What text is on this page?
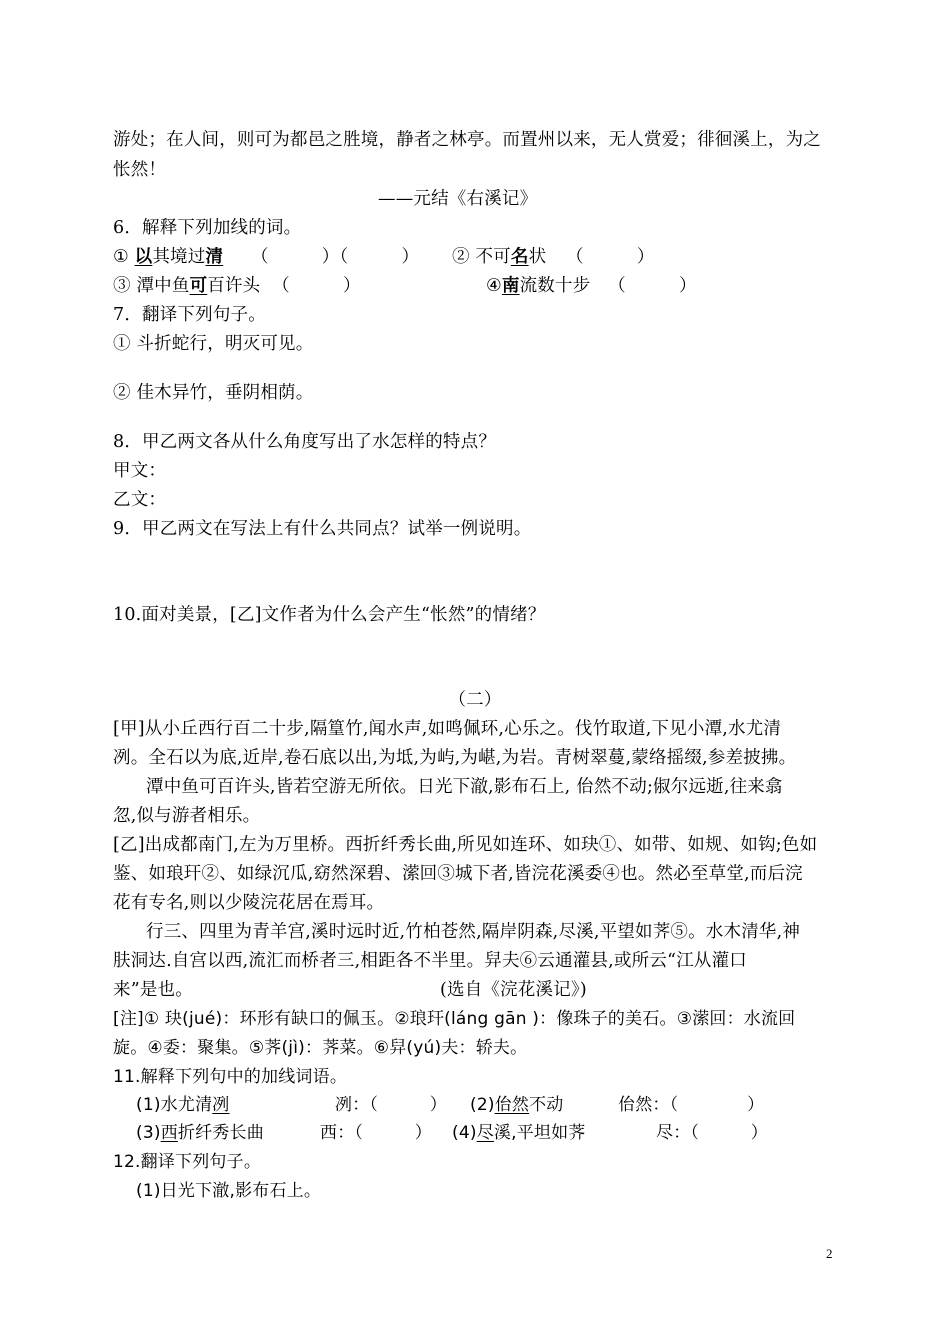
游处；在人间，则可为都邑之胜境，静者之林亭。而置州以来，无人赏爱；徘徊溪上，为之
怅然！
——元结《右溪记》
6．解释下列加线的词。
① 以其境过清 （　　　）（　　　） ② 不可名状 （　　　）
③ 潭中鱼可百许头 （　　　）	④南流数十步 （　　　）
7．翻译下列句子。
① 斗折蛇行，明灭可见。
② 佳木异竹，垂阴相荫。
8．甲乙两文各从什么角度写出了水怎样的特点？
甲文：
乙文：
9．甲乙两文在写法上有什么共同点？试举一例说明。
10.面对美景，[乙]文作者为什么会产生“怅然”的情绪？
（二）
[甲]从小丘西行百二十步,隔篁竹,闻水声,如鸣佩环,心乐之。伐竹取道,下见小潭,水尤清
冽。全石以为底,近岸,卷石底以出,为坻,为屿,为嵁,为岩。青树翠蔓,蒙络摇缀,参差披拂。
潭中鱼可百许头,皆若空游无所依。日光下澈,影布石上, 佁然不动;俶尔远逝,往来翕
忽,似与游者相乐。
[乙]出成都南门,左为万里桥。西折纤秀长曲,所见如连环、如玦①、如带、如规、如钩;色如
鉴、如琅玕②、如绿沉瓜,窈然深碧、潆回③城下者,皆浣花溪委④也。然必至草堂,而后浣
花有专名,则以少陵浣花居在焉耳。
行三、四里为青羊宫,溪时远时近,竹柏苍然,隔岸阴森,尽溪,平望如荠⑤。水木清华,神
肤洞达.自宫以西,流汇而桥者三,相距各不半里。舁夫⑥云通灌县,或所云“江从灌口
来”是也。	(选自《浣花溪记》)
[注]① 玦(jué)：环形有缺口的佩玉。②琅玕(láng gān )：像珠子的美石。③潆回：水流回
旋。④委：聚集。⑤荠(jì)：荠菜。⑥舁(yú)夫：轿夫。
11.解释下列句中的加线词语。
(1)水尤清冽	冽：（　　　） (2)佁然不动	佁然：（　　　　）
(3)西折纤秀长曲	西：（　　　） (4)尽溪,平坦如荠	尽：（　　　）
12.翻译下列句子。
(1)日光下澈,影布石上。
2
